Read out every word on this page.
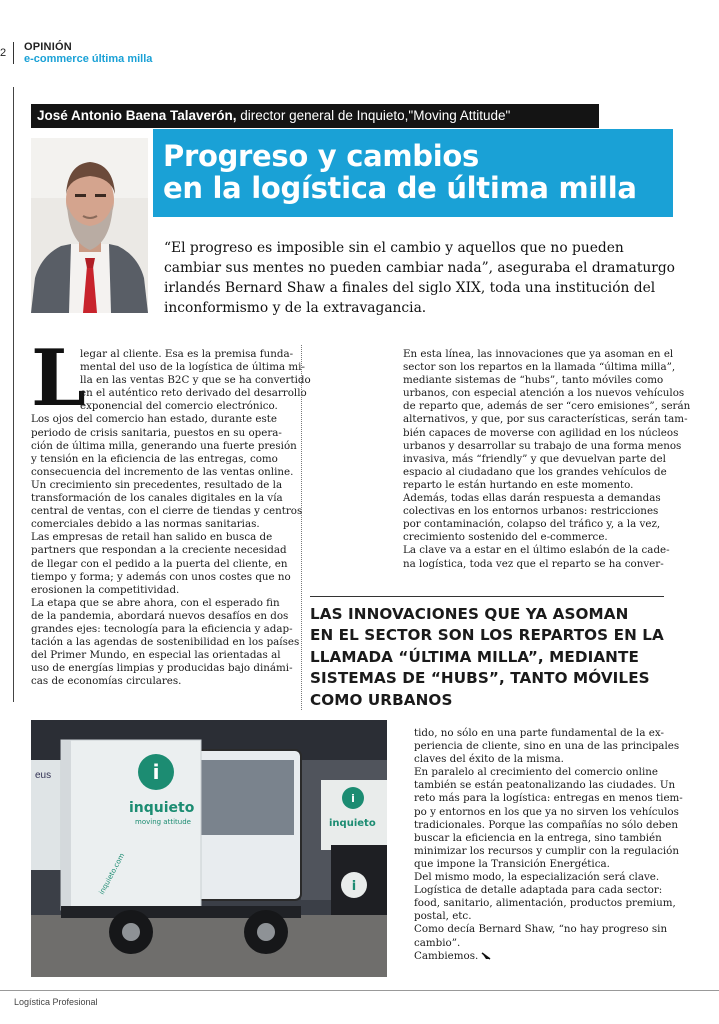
2 OPINIÓN
e-commerce última milla
José Antonio Baena Talaverón, director general de Inquieto,"Moving Attitude"
Progreso y cambios
en la logística de última milla
“El progreso es imposible sin el cambio y aquellos que no pueden
cambiar sus mentes no pueden cambiar nada”, aseguraba el dramaturgo
irlandés Bernard Shaw a finales del siglo XIX, toda una institución del
inconformismo y de la extravagancia.
L
legar al cliente. Esa es la premisa funda-
mental del uso de la logística de última mi-
lla en las ventas B2C y que se ha convertido
en el auténtico reto derivado del desarrollo
exponencial del comercio electrónico.
Los ojos del comercio han estado, durante este
periodo de crisis sanitaria, puestos en su opera-
ción de última milla, generando una fuerte presión
y tensión en la eficiencia de las entregas, como
consecuencia del incremento de las ventas online.
Un crecimiento sin precedentes, resultado de la
transformación de los canales digitales en la vía
central de ventas, con el cierre de tiendas y centros
comerciales debido a las normas sanitarias.
Las empresas de retail han salido en busca de
partners que respondan a la creciente necesidad
de llegar con el pedido a la puerta del cliente, en
tiempo y forma; y además con unos costes que no
erosionen la competitividad.
La etapa que se abre ahora, con el esperado fin
de la pandemia, abordará nuevos desafíos en dos
grandes ejes: tecnología para la eficiencia y adap-
tación a las agendas de sostenibilidad en los países
del Primer Mundo, en especial las orientadas al
uso de energías limpias y producidas bajo dinámi-
cas de economías circulares.
En esta línea, las innovaciones que ya asoman en el
sector son los repartos en la llamada “última milla”,
mediante sistemas de “hubs”, tanto móviles como
urbanos, con especial atención a los nuevos vehículos
de reparto que, además de ser “cero emisiones”, serán
alternativos, y que, por sus características, serán tam-
bién capaces de moverse con agilidad en los núcleos
urbanos y desarrollar su trabajo de una forma menos
invasiva, más “friendly” y que devuelvan parte del
espacio al ciudadano que los grandes vehículos de
reparto le están hurtando en este momento.
Además, todas ellas darán respuesta a demandas
colectivas en los entornos urbanos: restricciones
por contaminación, colapso del tráfico y, a la vez,
crecimiento sostenido del e-commerce.
La clave va a estar en el último eslabón de la cade-
na logística, toda vez que el reparto se ha conver-
LAS INNOVACIONES QUE YA ASOMAN
EN EL SECTOR SON LOS REPARTOS EN LA
LLAMADA “ÚLTIMA MILLA”, MEDIANTE
SISTEMAS DE “HUBS”, TANTO MÓVILES
COMO URBANOS
eus
i
inquieto
i
i
inquieto
moving attitude
inquieto.com
tido, no sólo en una parte fundamental de la ex-
periencia de cliente, sino en una de las principales
claves del éxito de la misma.
En paralelo al crecimiento del comercio online
también se están peatonalizando las ciudades. Un
reto más para la logística: entregas en menos tiem-
po y entornos en los que ya no sirven los vehículos
tradicionales. Porque las compañías no sólo deben
buscar la eficiencia en la entrega, sino también
minimizar los recursos y cumplir con la regulación
que impone la Transición Energética.
Del mismo modo, la especialización será clave.
Logística de detalle adaptada para cada sector:
food, sanitario, alimentación, productos premium,
postal, etc.
Como decía Bernard Shaw, “no hay progreso sin
cambio”.
Cambiemos.
Logística Profesional
